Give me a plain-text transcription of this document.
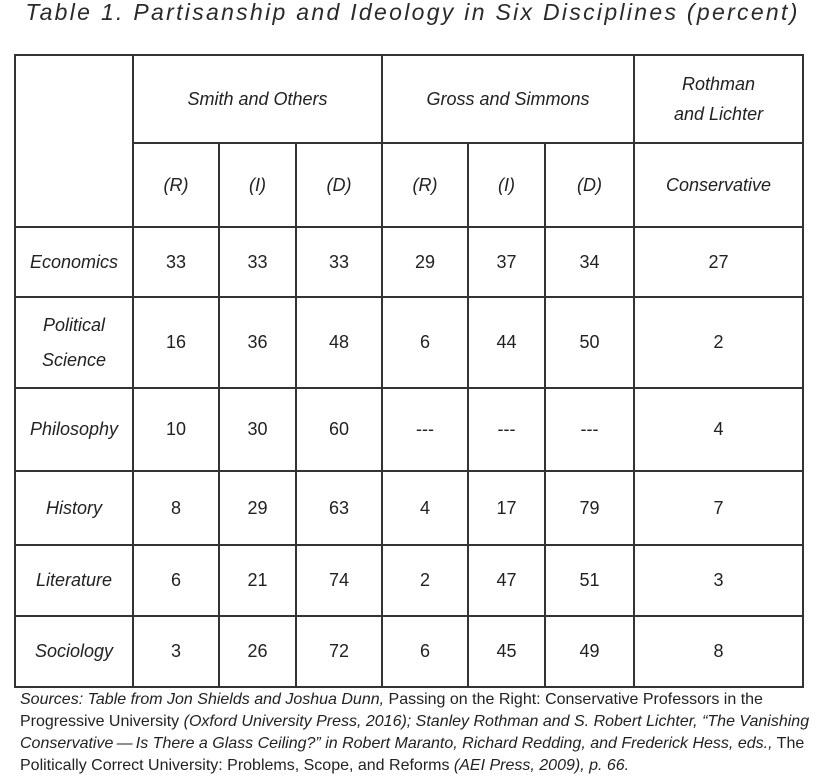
Table 1. Partisanship and Ideology in Six Disciplines (percent)
	Smith and Others			Gross and Simmons			Rothman
and Lichter
	(R)	(I)	(D)	(R)	(I)	(D)	Conservative
Economics	33	33	33	29	37	34	27
Political
Science	16	36	48	6	44	50	2
Philosophy	10	30	60	---	---	---	4
History	8	29	63	4	17	79	7
Literature	6	21	74	2	47	51	3
Sociology	3	26	72	6	45	49	8
Sources: Table from Jon Shields and Joshua Dunn, Passing on the Right: Conservative Professors in the Progressive University (Oxford University Press, 2016); Stanley Rothman and S. Robert Lichter, “The Vanishing Conservative — Is There a Glass Ceiling?” in Robert Maranto, Richard Redding, and Frederick Hess, eds., The Politically Correct University: Problems, Scope, and Reforms (AEI Press, 2009), p. 66.
